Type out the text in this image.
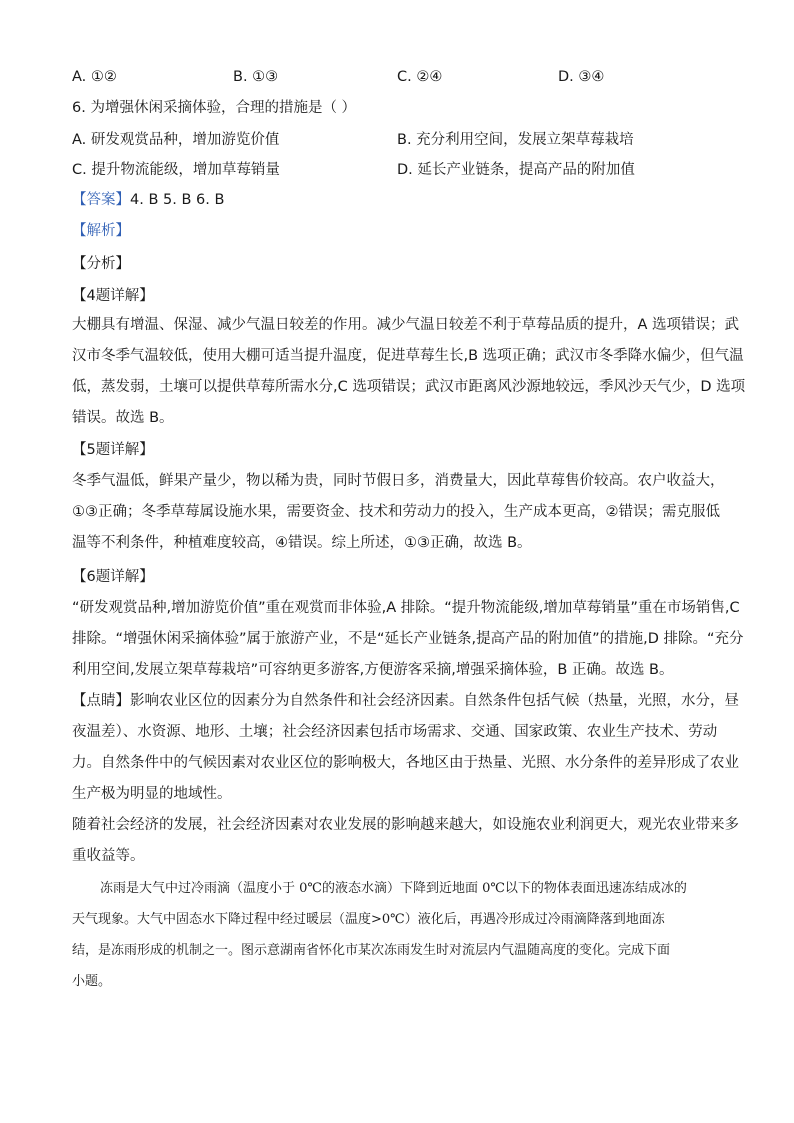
A. ①②	B. ①③	C. ②④	D. ③④
6. 为增强休闲采摘体验，合理的措施是（ ）
A. 研发观赏品种，增加游览价值	B. 充分利用空间，发展立架草莓栽培
C. 提升物流能级，增加草莓销量	D. 延长产业链条，提高产品的附加值
【答案】4. B 5. B 6. B
【解析】
【分析】
【4题详解】
大棚具有增温、保湿、减少气温日较差的作用。减少气温日较差不利于草莓品质的提升，A 选项错误；武
汉市冬季气温较低，使用大棚可适当提升温度，促进草莓生长,B 选项正确；武汉市冬季降水偏少，但气温
低，蒸发弱，土壤可以提供草莓所需水分,C 选项错误；武汉市距离风沙源地较远，季风沙天气少，D 选项
错误。故选 B。
【5题详解】
冬季气温低，鲜果产量少，物以稀为贵，同时节假日多，消费量大，因此草莓售价较高。农户收益大，
①③正确；冬季草莓属设施水果，需要资金、技术和劳动力的投入，生产成本更高，②错误；需克服低
温等不利条件，种植难度较高，④错误。综上所述，①③正确，故选 B。
【6题详解】
“研发观赏品种,增加游览价值”重在观赏而非体验,A 排除。“提升物流能级,增加草莓销量”重在市场销售,C
排除。“增强休闲采摘体验”属于旅游产业，不是“延长产业链条,提高产品的附加值”的措施,D 排除。“充分
利用空间,发展立架草莓栽培”可容纳更多游客,方便游客采摘,增强采摘体验，B 正确。故选 B。
【点睛】影响农业区位的因素分为自然条件和社会经济因素。自然条件包括气候（热量，光照，水分，昼
夜温差）、水资源、地形、土壤；社会经济因素包括市场需求、交通、国家政策、农业生产技术、劳动
力。自然条件中的气候因素对农业区位的影响极大，各地区由于热量、光照、水分条件的差异形成了农业
生产极为明显的地域性。
随着社会经济的发展，社会经济因素对农业发展的影响越来越大，如设施农业利润更大，观光农业带来多
重收益等。
冻雨是大气中过冷雨滴（温度小于 0℃的液态水滴）下降到近地面 0℃以下的物体表面迅速冻结成冰的
天气现象。大气中固态水下降过程中经过暖层（温度>0℃）液化后，再遇冷形成过冷雨滴降落到地面冻
结，是冻雨形成的机制之一。图示意湖南省怀化市某次冻雨发生时对流层内气温随高度的变化。完成下面
小题。
